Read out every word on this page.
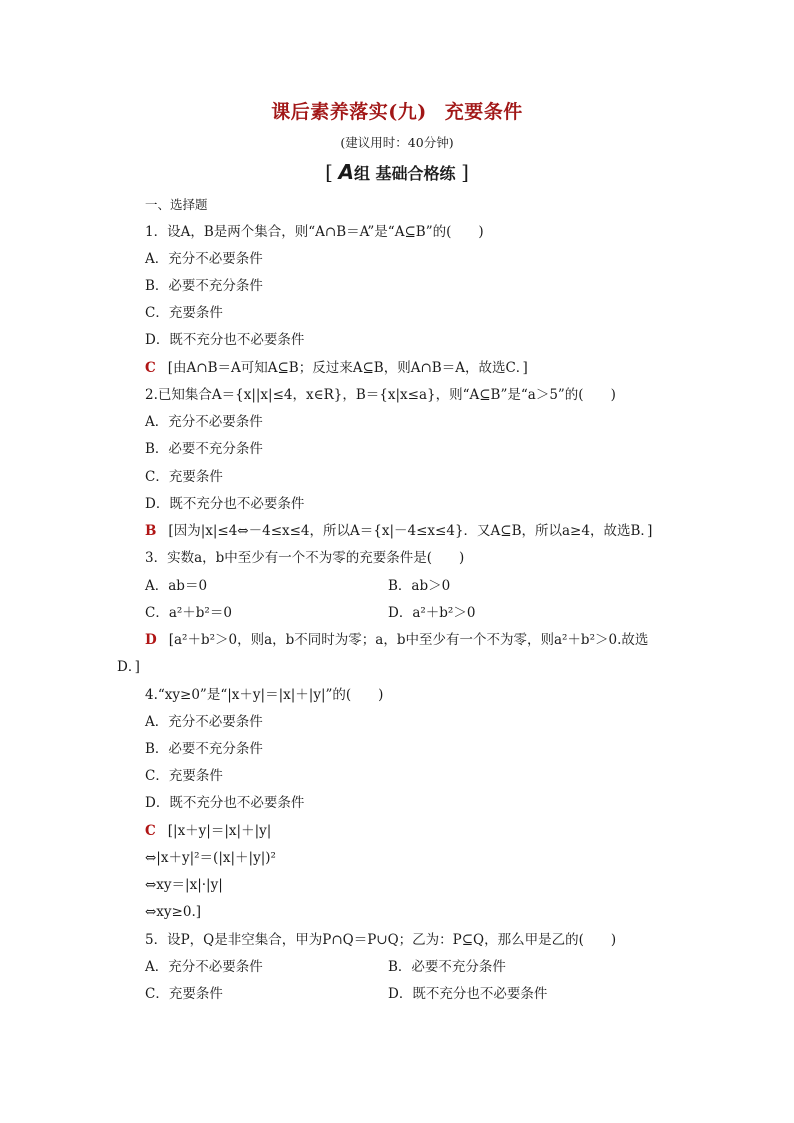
课后素养落实(九) 充要条件
(建议用时：40分钟)
[ A组 基础合格练 ]
一、选择题
1．设A，B是两个集合，则“A∩B＝A”是“A⊆B”的(　　)
A．充分不必要条件
B．必要不充分条件
C．充要条件
D．既不充分也不必要条件
C [由A∩B＝A可知A⊆B；反过来A⊆B，则A∩B＝A，故选C．]
2.已知集合A＝{x||x|≤4，x∈R}，B＝{x|x≤a}，则“A⊆B”是“a＞5”的(　　)
A．充分不必要条件
B．必要不充分条件
C．充要条件
D．既不充分也不必要条件
B [因为|x|≤4⇔－4≤x≤4，所以A＝{x|－4≤x≤4}．又A⊆B，所以a≥4，故选B．]
3．实数a，b中至少有一个不为零的充要条件是(　　)
A．ab＝0	B．ab＞0
C．a²＋b²＝0	D．a²＋b²＞0
D [a²＋b²＞0，则a，b不同时为零；a，b中至少有一个不为零，则a²＋b²＞0.故选
D．]
4.“xy≥0”是“|x＋y|＝|x|＋|y|”的(　　)
A．充分不必要条件
B．必要不充分条件
C．充要条件
D．既不充分也不必要条件
C [|x＋y|＝|x|＋|y|
⇔|x＋y|²＝(|x|＋|y|)²
⇔xy＝|x|·|y|
⇔xy≥0.]
5．设P，Q是非空集合，甲为P∩Q＝P∪Q；乙为：P⊆Q，那么甲是乙的(　　)
A．充分不必要条件	B．必要不充分条件
C．充要条件	D．既不充分也不必要条件
